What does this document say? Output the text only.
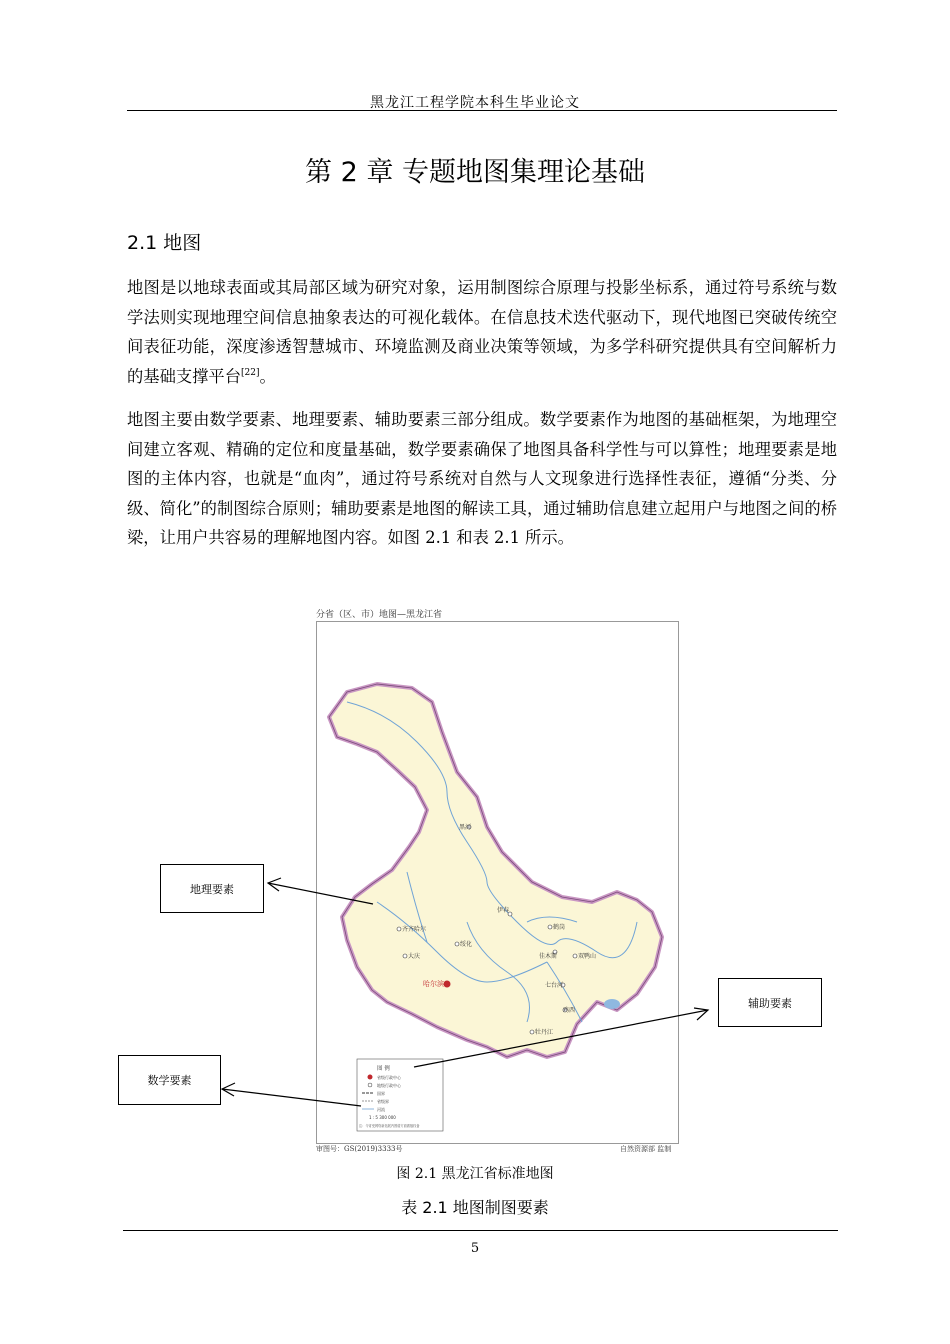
黑龙江工程学院本科生毕业论文
第 2 章 专题地图集理论基础
2.1 地图

地图是以地球表面或其局部区域为研究对象，运用制图综合原理与投影坐标系，通过符号系统与数学法则实现地理空间信息抽象表达的可视化载体。在信息技术迭代驱动下，现代地图已突破传统空间表征功能，深度渗透智慧城市、环境监测及商业决策等领域，为多学科研究提供具有空间解析力的基础支撑平台[22]。

地图主要由数学要素、地理要素、辅助要素三部分组成。数学要素作为地图的基础框架，为地理空间建立客观、精确的定位和度量基础，数学要素确保了地图具备科学性与可以算性；地理要素是地图的主体内容，也就是“血肉”，通过符号系统对自然与人文现象进行选择性表征，遵循“分类、分级、简化”的制图综合原则；辅助要素是地图的解读工具，通过辅助信息建立起用户与地图之间的桥梁，让用户共容易的理解地图内容。如图 2.1 和表 2.1 所示。

分省（区、市）地图—黑龙江省
齐齐哈尔
大庆
绥化
伊春
鹤岗
佳木斯	双鸭山
七台河
鸡西
牡丹江
黑河
哈尔滨
图 例
省级行政中心
地级行政中心
国界
省级界
河流
1 : 5 300 000
注：今宵受网络新拓展内图谱方面做版权备
审图号：GS(2019)3333号	自然资源部 监制
地理要素
辅助要素
数学要素
图 2.1 黑龙江省标准地图
表 2.1 地图制图要素
5
